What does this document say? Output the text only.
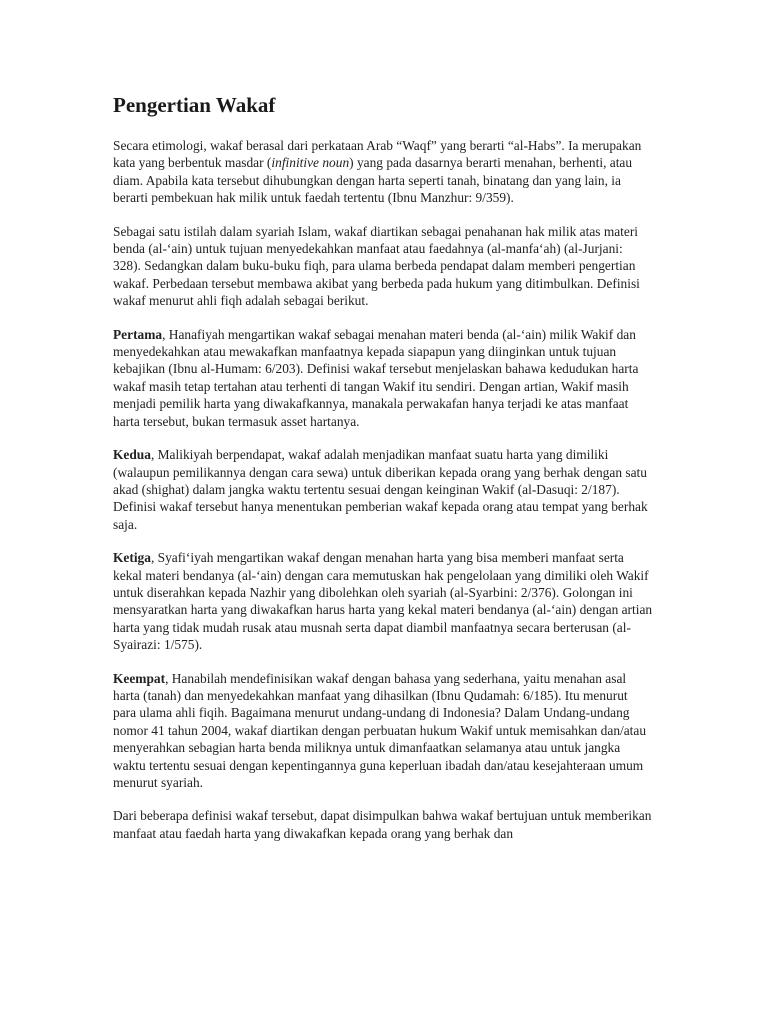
Pengertian Wakaf

Secara etimologi, wakaf berasal dari perkataan Arab “Waqf” yang berarti “al-Habs”. Ia merupakan kata yang berbentuk masdar (infinitive noun) yang pada dasarnya berarti menahan, berhenti, atau diam. Apabila kata tersebut dihubungkan dengan harta seperti tanah, binatang dan yang lain, ia berarti pembekuan hak milik untuk faedah tertentu (Ibnu Manzhur: 9/359).

Sebagai satu istilah dalam syariah Islam, wakaf diartikan sebagai penahanan hak milik atas materi benda (al-‘ain) untuk tujuan menyedekahkan manfaat atau faedahnya (al-manfa‘ah) (al-Jurjani: 328). Sedangkan dalam buku-buku fiqh, para ulama berbeda pendapat dalam memberi pengertian wakaf. Perbedaan tersebut membawa akibat yang berbeda pada hukum yang ditimbulkan. Definisi wakaf menurut ahli fiqh adalah sebagai berikut.

Pertama, Hanafiyah mengartikan wakaf sebagai menahan materi benda (al-‘ain) milik Wakif dan menyedekahkan atau mewakafkan manfaatnya kepada siapapun yang diinginkan untuk tujuan kebajikan (Ibnu al-Humam: 6/203). Definisi wakaf tersebut menjelaskan bahawa kedudukan harta wakaf masih tetap tertahan atau terhenti di tangan Wakif itu sendiri. Dengan artian, Wakif masih menjadi pemilik harta yang diwakafkannya, manakala perwakafan hanya terjadi ke atas manfaat harta tersebut, bukan termasuk asset hartanya.

Kedua, Malikiyah berpendapat, wakaf adalah menjadikan manfaat suatu harta yang dimiliki (walaupun pemilikannya dengan cara sewa) untuk diberikan kepada orang yang berhak dengan satu akad (shighat) dalam jangka waktu tertentu sesuai dengan keinginan Wakif (al-Dasuqi: 2/187). Definisi wakaf tersebut hanya menentukan pemberian wakaf kepada orang atau tempat yang berhak saja.

Ketiga, Syafi‘iyah mengartikan wakaf dengan menahan harta yang bisa memberi manfaat serta kekal materi bendanya (al-‘ain) dengan cara memutuskan hak pengelolaan yang dimiliki oleh Wakif untuk diserahkan kepada Nazhir yang dibolehkan oleh syariah (al-Syarbini: 2/376). Golongan ini mensyaratkan harta yang diwakafkan harus harta yang kekal materi bendanya (al-‘ain) dengan artian harta yang tidak mudah rusak atau musnah serta dapat diambil manfaatnya secara berterusan (al-Syairazi: 1/575).

Keempat, Hanabilah mendefinisikan wakaf dengan bahasa yang sederhana, yaitu menahan asal harta (tanah) dan menyedekahkan manfaat yang dihasilkan (Ibnu Qudamah: 6/185). Itu menurut para ulama ahli fiqih. Bagaimana menurut undang-undang di Indonesia? Dalam Undang-undang nomor 41 tahun 2004, wakaf diartikan dengan perbuatan hukum Wakif untuk memisahkan dan/atau menyerahkan sebagian harta benda miliknya untuk dimanfaatkan selamanya atau untuk jangka waktu tertentu sesuai dengan kepentingannya guna keperluan ibadah dan/atau kesejahteraan umum menurut syariah.

Dari beberapa definisi wakaf tersebut, dapat disimpulkan bahwa wakaf bertujuan untuk memberikan manfaat atau faedah harta yang diwakafkan kepada orang yang berhak dan
